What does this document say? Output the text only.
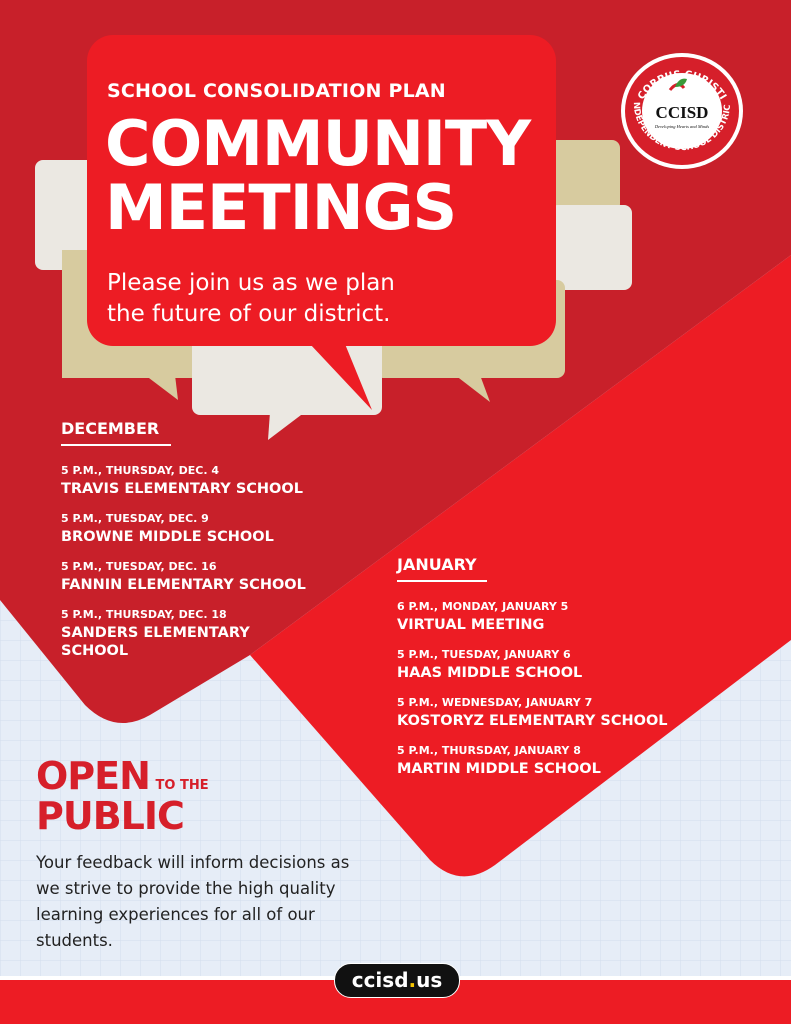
CCISD
Developing Hearts and Minds
CORPUS CHRISTI
NDEPENDENT SCHOOL DISTRIC
SCHOOL CONSOLIDATION PLAN
COMMUNITY
MEETINGS
Please join us as we plan
the future of our district.
DECEMBER
5 P.M., THURSDAY, DEC. 4
TRAVIS ELEMENTARY SCHOOL
5 P.M., TUESDAY, DEC. 9
BROWNE MIDDLE SCHOOL
5 P.M., TUESDAY, DEC. 16
FANNIN ELEMENTARY SCHOOL
5 P.M., THURSDAY, DEC. 18
SANDERS ELEMENTARY SCHOOL
JANUARY
6 P.M., MONDAY, JANUARY 5
VIRTUAL MEETING
5 P.M., TUESDAY, JANUARY 6
HAAS MIDDLE SCHOOL
5 P.M., WEDNESDAY, JANUARY 7
KOSTORYZ ELEMENTARY SCHOOL
5 P.M., THURSDAY, JANUARY 8
MARTIN MIDDLE SCHOOL
OPEN TO THE
PUBLIC
Your feedback will inform decisions as we strive to provide the high quality learning experiences for all of our students.
ccisd.us
